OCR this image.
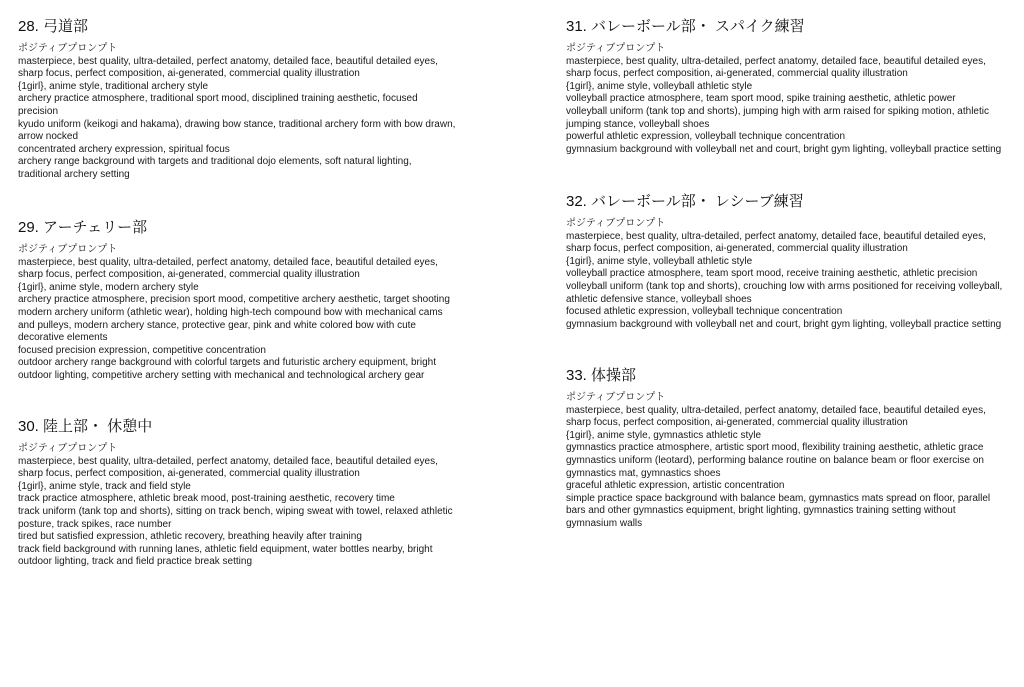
28. 弓道部
ポジティブプロンプト
masterpiece, best quality, ultra-detailed, perfect anatomy, detailed face, beautiful detailed eyes,
sharp focus, perfect composition, ai-generated, commercial quality illustration
{1girl}, anime style, traditional archery style
archery practice atmosphere, traditional sport mood, disciplined training aesthetic, focused
precision
kyudo uniform (keikogi and hakama), drawing bow stance, traditional archery form with bow drawn,
arrow nocked
concentrated archery expression, spiritual focus
archery range background with targets and traditional dojo elements, soft natural lighting,
traditional archery setting
29. アーチェリー部
ポジティブプロンプト
masterpiece, best quality, ultra-detailed, perfect anatomy, detailed face, beautiful detailed eyes,
sharp focus, perfect composition, ai-generated, commercial quality illustration
{1girl}, anime style, modern archery style
archery practice atmosphere, precision sport mood, competitive archery aesthetic, target shooting
modern archery uniform (athletic wear), holding high-tech compound bow with mechanical cams
and pulleys, modern archery stance, protective gear, pink and white colored bow with cute
decorative elements
focused precision expression, competitive concentration
outdoor archery range background with colorful targets and futuristic archery equipment, bright
outdoor lighting, competitive archery setting with mechanical and technological archery gear
30. 陸上部・ 休憩中
ポジティブプロンプト
masterpiece, best quality, ultra-detailed, perfect anatomy, detailed face, beautiful detailed eyes,
sharp focus, perfect composition, ai-generated, commercial quality illustration
{1girl}, anime style, track and field style
track practice atmosphere, athletic break mood, post-training aesthetic, recovery time
track uniform (tank top and shorts), sitting on track bench, wiping sweat with towel, relaxed athletic
posture, track spikes, race number
tired but satisfied expression, athletic recovery, breathing heavily after training
track field background with running lanes, athletic field equipment, water bottles nearby, bright
outdoor lighting, track and field practice break setting
31. バレーボール部・ スパイク練習
ポジティブプロンプト
masterpiece, best quality, ultra-detailed, perfect anatomy, detailed face, beautiful detailed eyes,
sharp focus, perfect composition, ai-generated, commercial quality illustration
{1girl}, anime style, volleyball athletic style
volleyball practice atmosphere, team sport mood, spike training aesthetic, athletic power
volleyball uniform (tank top and shorts), jumping high with arm raised for spiking motion, athletic
jumping stance, volleyball shoes
powerful athletic expression, volleyball technique concentration
gymnasium background with volleyball net and court, bright gym lighting, volleyball practice setting
32. バレーボール部・ レシーブ練習
ポジティブプロンプト
masterpiece, best quality, ultra-detailed, perfect anatomy, detailed face, beautiful detailed eyes,
sharp focus, perfect composition, ai-generated, commercial quality illustration
{1girl}, anime style, volleyball athletic style
volleyball practice atmosphere, team sport mood, receive training aesthetic, athletic precision
volleyball uniform (tank top and shorts), crouching low with arms positioned for receiving volleyball,
athletic defensive stance, volleyball shoes
focused athletic expression, volleyball technique concentration
gymnasium background with volleyball net and court, bright gym lighting, volleyball practice setting
33. 体操部
ポジティブプロンプト
masterpiece, best quality, ultra-detailed, perfect anatomy, detailed face, beautiful detailed eyes,
sharp focus, perfect composition, ai-generated, commercial quality illustration
{1girl}, anime style, gymnastics athletic style
gymnastics practice atmosphere, artistic sport mood, flexibility training aesthetic, athletic grace
gymnastics uniform (leotard), performing balance routine on balance beam or floor exercise on
gymnastics mat, gymnastics shoes
graceful athletic expression, artistic concentration
simple practice space background with balance beam, gymnastics mats spread on floor, parallel
bars and other gymnastics equipment, bright lighting, gymnastics training setting without
gymnasium walls
